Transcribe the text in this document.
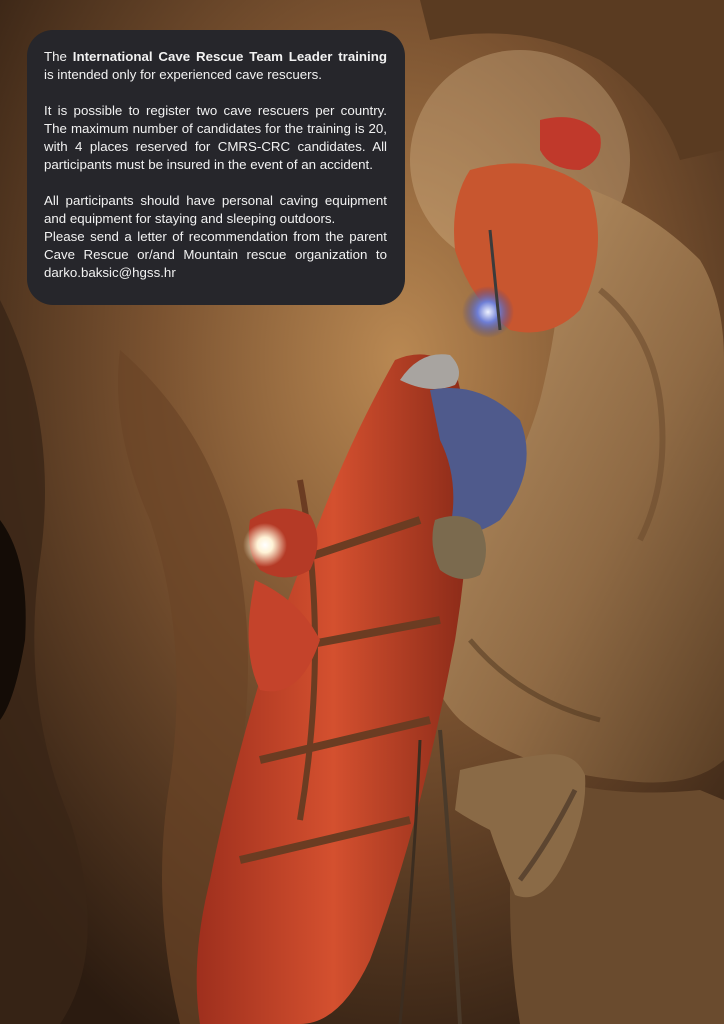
The International Cave Rescue Team Leader training is intended only for experienced cave rescuers.

It is possible to register two cave rescuers per country. The maximum number of candidates for the training is 20, with 4 places reserved for CMRS-CRC candidates. All participants must be insured in the event of an accident.

All participants should have personal caving equipment and equipment for staying and sleeping outdoors.

Please send a letter of recommendation from the parent Cave Rescue or/and Mountain rescue organization to darko.baksic@hgss.hr
